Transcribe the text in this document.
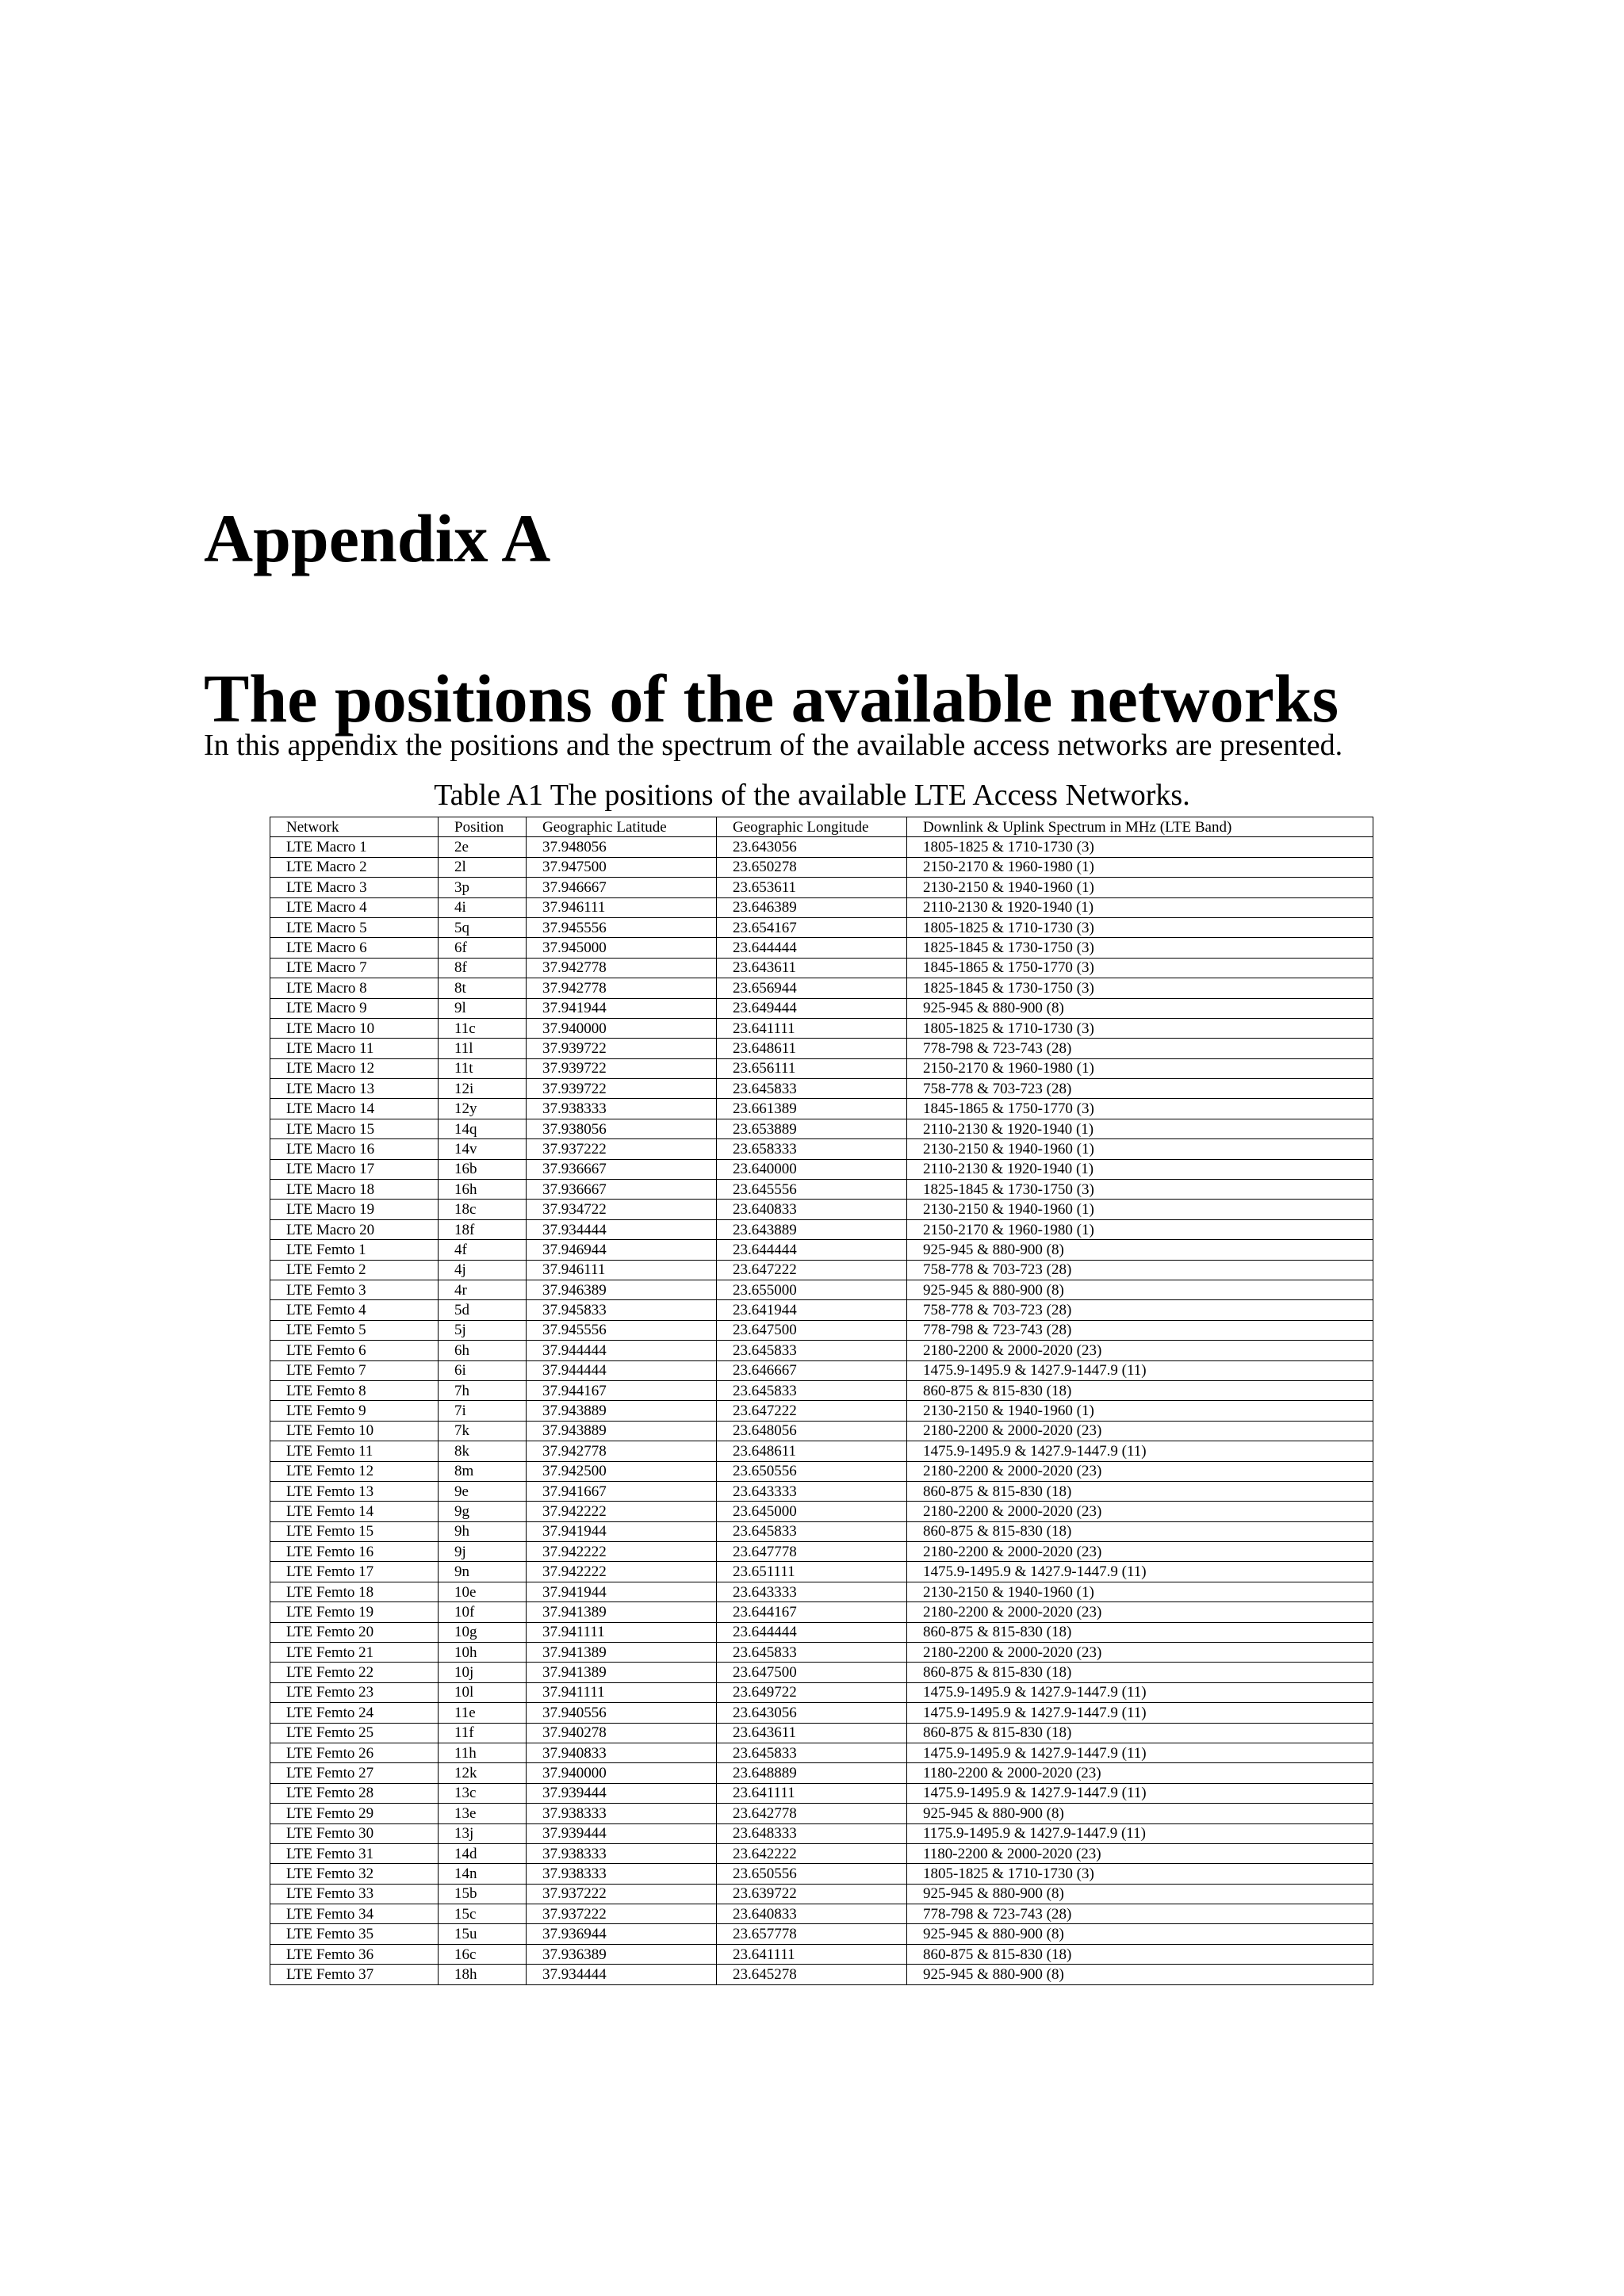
Appendix A
The positions of the available networks

In this appendix the positions and the spectrum of the available access networks are presented.

Table A1 The positions of the available LTE Access Networks.

Network	Position	Geographic Latitude	Geographic Longitude	Downlink & Uplink Spectrum in MHz (LTE Band)
LTE Macro 1	2e	37.948056	23.643056	1805-1825 & 1710-1730 (3)
LTE Macro 2	2l	37.947500	23.650278	2150-2170 & 1960-1980 (1)
LTE Macro 3	3p	37.946667	23.653611	2130-2150 & 1940-1960 (1)
LTE Macro 4	4i	37.946111	23.646389	2110-2130 & 1920-1940 (1)
LTE Macro 5	5q	37.945556	23.654167	1805-1825 & 1710-1730 (3)
LTE Macro 6	6f	37.945000	23.644444	1825-1845 & 1730-1750 (3)
LTE Macro 7	8f	37.942778	23.643611	1845-1865 & 1750-1770 (3)
LTE Macro 8	8t	37.942778	23.656944	1825-1845 & 1730-1750 (3)
LTE Macro 9	9l	37.941944	23.649444	925-945 & 880-900 (8)
LTE Macro 10	11c	37.940000	23.641111	1805-1825 & 1710-1730 (3)
LTE Macro 11	11l	37.939722	23.648611	778-798 & 723-743 (28)
LTE Macro 12	11t	37.939722	23.656111	2150-2170 & 1960-1980 (1)
LTE Macro 13	12i	37.939722	23.645833	758-778 & 703-723 (28)
LTE Macro 14	12y	37.938333	23.661389	1845-1865 & 1750-1770 (3)
LTE Macro 15	14q	37.938056	23.653889	2110-2130 & 1920-1940 (1)
LTE Macro 16	14v	37.937222	23.658333	2130-2150 & 1940-1960 (1)
LTE Macro 17	16b	37.936667	23.640000	2110-2130 & 1920-1940 (1)
LTE Macro 18	16h	37.936667	23.645556	1825-1845 & 1730-1750 (3)
LTE Macro 19	18c	37.934722	23.640833	2130-2150 & 1940-1960 (1)
LTE Macro 20	18f	37.934444	23.643889	2150-2170 & 1960-1980 (1)
LTE Femto 1	4f	37.946944	23.644444	925-945 & 880-900 (8)
LTE Femto 2	4j	37.946111	23.647222	758-778 & 703-723 (28)
LTE Femto 3	4r	37.946389	23.655000	925-945 & 880-900 (8)
LTE Femto 4	5d	37.945833	23.641944	758-778 & 703-723 (28)
LTE Femto 5	5j	37.945556	23.647500	778-798 & 723-743 (28)
LTE Femto 6	6h	37.944444	23.645833	2180-2200 & 2000-2020 (23)
LTE Femto 7	6i	37.944444	23.646667	1475.9-1495.9 & 1427.9-1447.9 (11)
LTE Femto 8	7h	37.944167	23.645833	860-875 & 815-830 (18)
LTE Femto 9	7i	37.943889	23.647222	2130-2150 & 1940-1960 (1)
LTE Femto 10	7k	37.943889	23.648056	2180-2200 & 2000-2020 (23)
LTE Femto 11	8k	37.942778	23.648611	1475.9-1495.9 & 1427.9-1447.9 (11)
LTE Femto 12	8m	37.942500	23.650556	2180-2200 & 2000-2020 (23)
LTE Femto 13	9e	37.941667	23.643333	860-875 & 815-830 (18)
LTE Femto 14	9g	37.942222	23.645000	2180-2200 & 2000-2020 (23)
LTE Femto 15	9h	37.941944	23.645833	860-875 & 815-830 (18)
LTE Femto 16	9j	37.942222	23.647778	2180-2200 & 2000-2020 (23)
LTE Femto 17	9n	37.942222	23.651111	1475.9-1495.9 & 1427.9-1447.9 (11)
LTE Femto 18	10e	37.941944	23.643333	2130-2150 & 1940-1960 (1)
LTE Femto 19	10f	37.941389	23.644167	2180-2200 & 2000-2020 (23)
LTE Femto 20	10g	37.941111	23.644444	860-875 & 815-830 (18)
LTE Femto 21	10h	37.941389	23.645833	2180-2200 & 2000-2020 (23)
LTE Femto 22	10j	37.941389	23.647500	860-875 & 815-830 (18)
LTE Femto 23	10l	37.941111	23.649722	1475.9-1495.9 & 1427.9-1447.9 (11)
LTE Femto 24	11e	37.940556	23.643056	1475.9-1495.9 & 1427.9-1447.9 (11)
LTE Femto 25	11f	37.940278	23.643611	860-875 & 815-830 (18)
LTE Femto 26	11h	37.940833	23.645833	1475.9-1495.9 & 1427.9-1447.9 (11)
LTE Femto 27	12k	37.940000	23.648889	1180-2200 & 2000-2020 (23)
LTE Femto 28	13c	37.939444	23.641111	1475.9-1495.9 & 1427.9-1447.9 (11)
LTE Femto 29	13e	37.938333	23.642778	925-945 & 880-900 (8)
LTE Femto 30	13j	37.939444	23.648333	1175.9-1495.9 & 1427.9-1447.9 (11)
LTE Femto 31	14d	37.938333	23.642222	1180-2200 & 2000-2020 (23)
LTE Femto 32	14n	37.938333	23.650556	1805-1825 & 1710-1730 (3)
LTE Femto 33	15b	37.937222	23.639722	925-945 & 880-900 (8)
LTE Femto 34	15c	37.937222	23.640833	778-798 & 723-743 (28)
LTE Femto 35	15u	37.936944	23.657778	925-945 & 880-900 (8)
LTE Femto 36	16c	37.936389	23.641111	860-875 & 815-830 (18)
LTE Femto 37	18h	37.934444	23.645278	925-945 & 880-900 (8)
